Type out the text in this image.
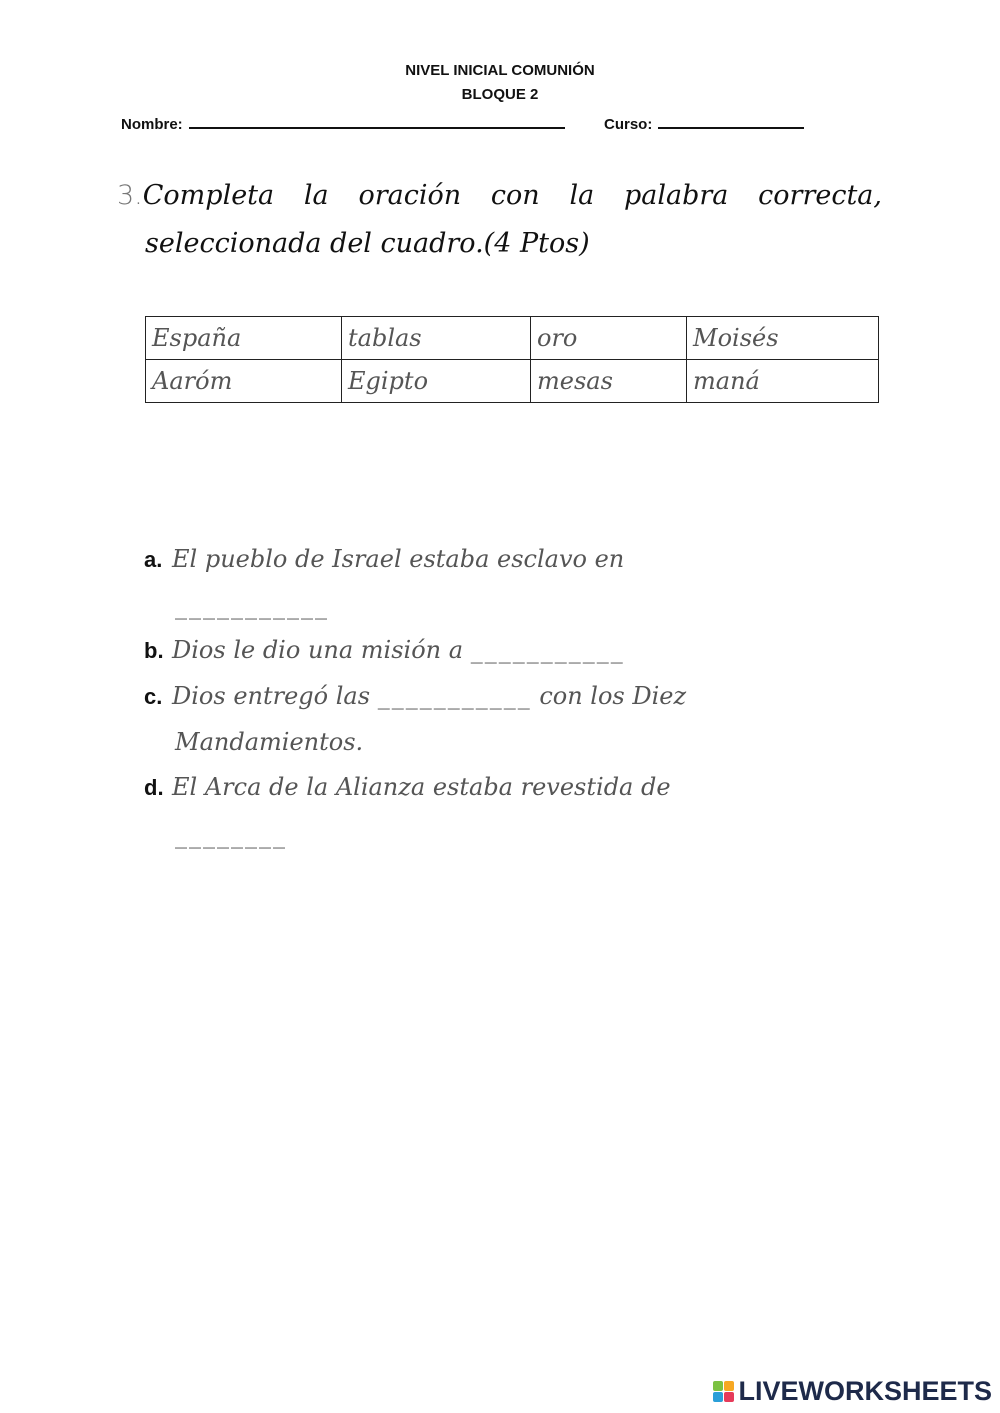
NIVEL INICIAL COMUNIÓN
BLOQUE 2
Nombre:	Curso:
3.Completa la oración con la palabra correcta,
seleccionada del cuadro.(4 Ptos)
España	tablas	oro	Moisés
Aaróm	Egipto	mesas	maná
a. El pueblo de Israel estaba esclavo en
___________
b. Dios le dio una misión a ___________
c. Dios entregó las ___________ con los Diez
Mandamientos.
d. El Arca de la Alianza estaba revestida de
________
LIVEWORKSHEETS
